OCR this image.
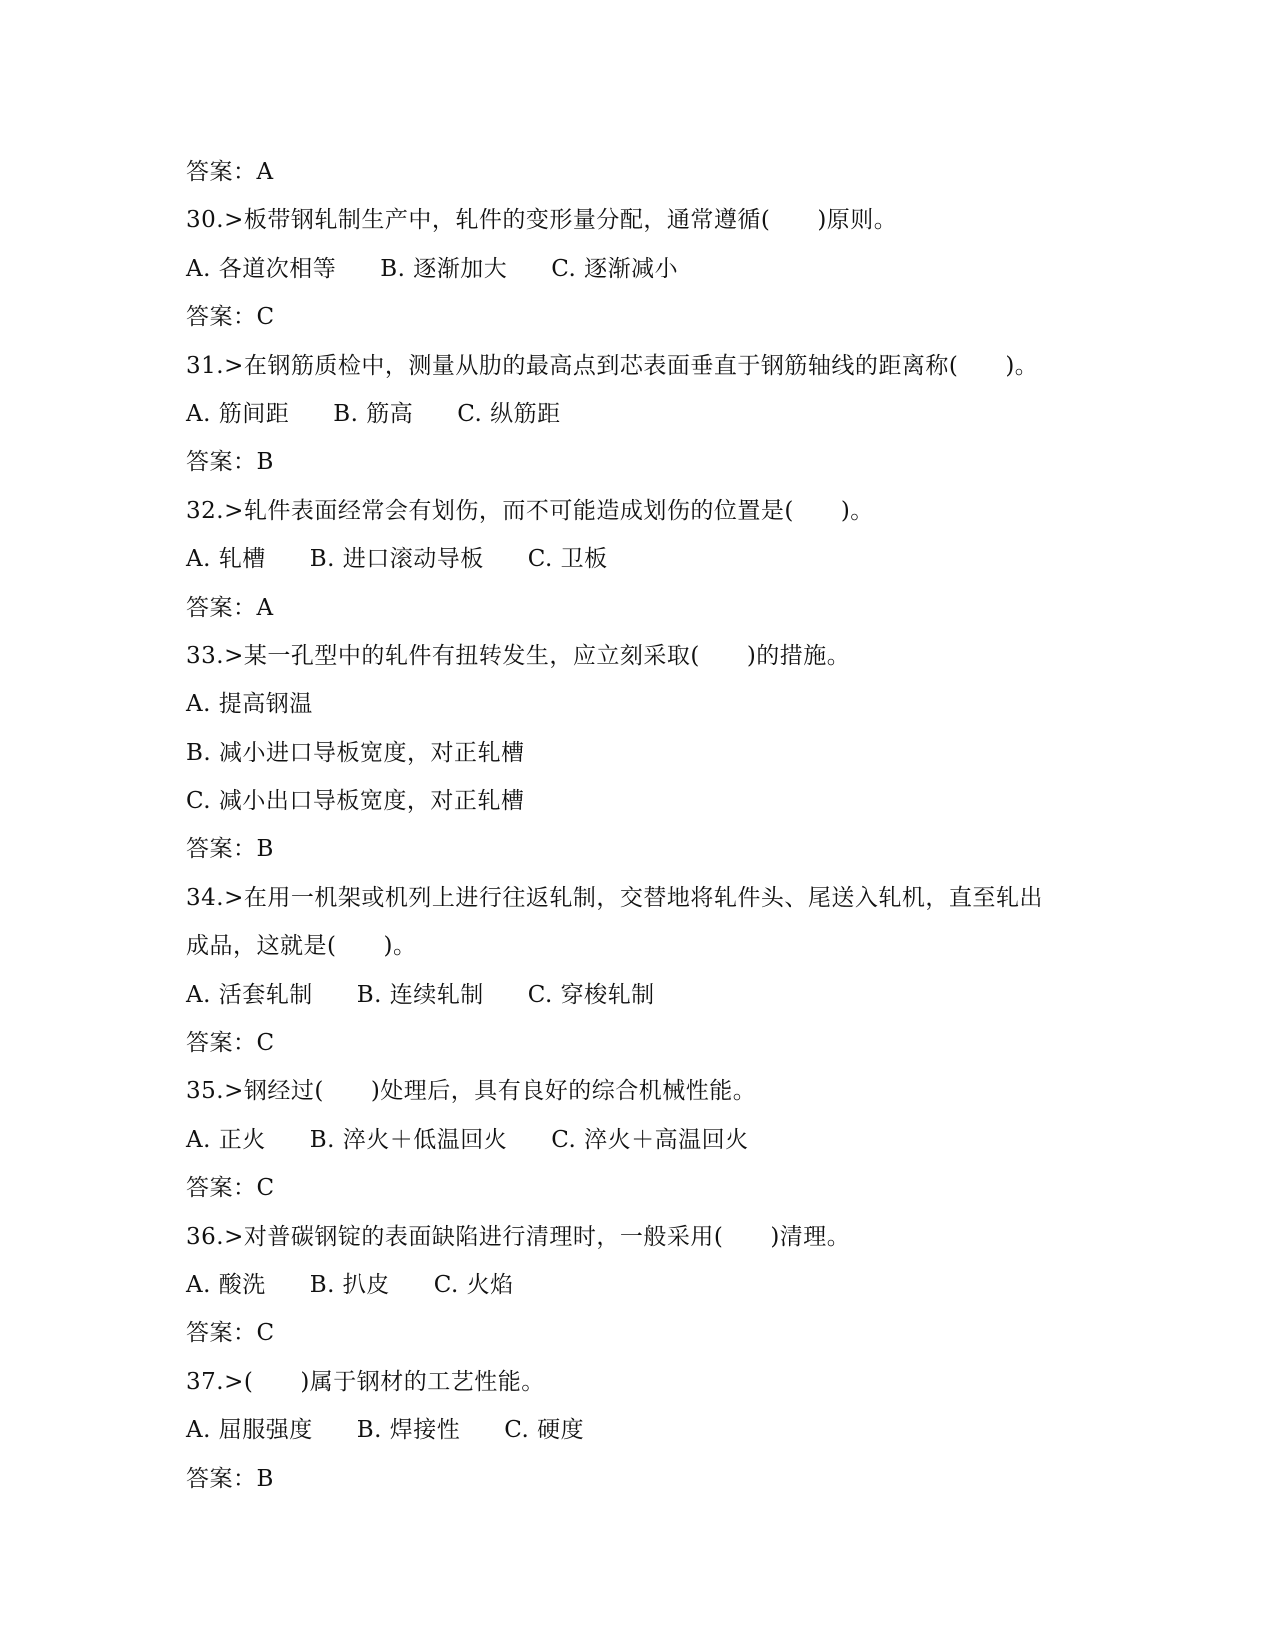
答案：A
30.>板带钢轧制生产中，轧件的变形量分配，通常遵循(　　)原则。
A. 各道次相等 B. 逐渐加大 C. 逐渐减小
答案：C
31.>在钢筋质检中，测量从肋的最高点到芯表面垂直于钢筋轴线的距离称(　　)。
A. 筋间距 B. 筋高 C. 纵筋距
答案：B
32.>轧件表面经常会有划伤，而不可能造成划伤的位置是(　　)。
A. 轧槽 B. 进口滚动导板 C. 卫板
答案：A
33.>某一孔型中的轧件有扭转发生，应立刻采取(　　)的措施。
A. 提高钢温
B. 减小进口导板宽度，对正轧槽
C. 减小出口导板宽度，对正轧槽
答案：B
34.>在用一机架或机列上进行往返轧制，交替地将轧件头、尾送入轧机，直至轧出
成品，这就是(　　)。
A. 活套轧制 B. 连续轧制 C. 穿梭轧制
答案：C
35.>钢经过(　　)处理后，具有良好的综合机械性能。
A. 正火 B. 淬火＋低温回火 C. 淬火＋高温回火
答案：C
36.>对普碳钢锭的表面缺陷进行清理时，一般采用(　　)清理。
A. 酸洗 B. 扒皮 C. 火焰
答案：C
37.>(　　)属于钢材的工艺性能。
A. 屈服强度 B. 焊接性 C. 硬度
答案：B
